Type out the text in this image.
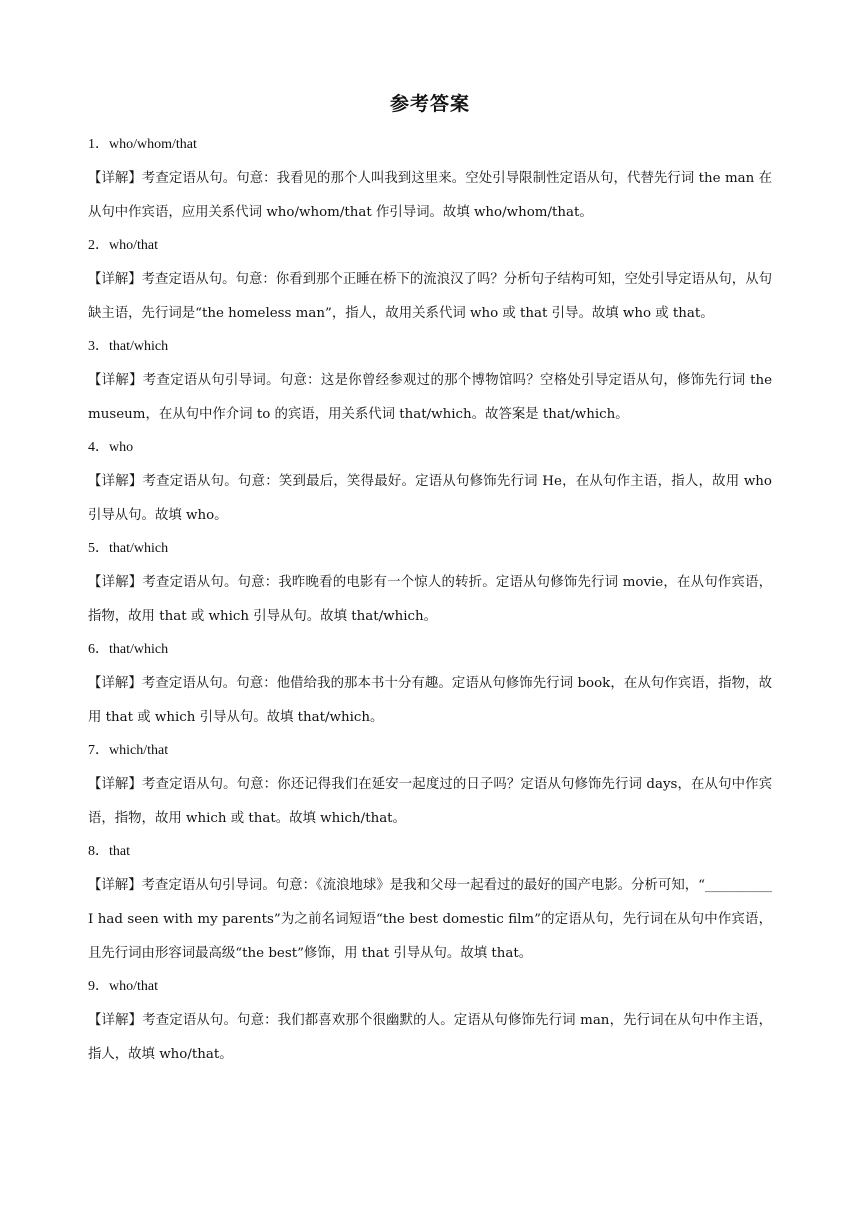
参考答案

1．who/whom/that

【详解】考查定语从句。句意：我看见的那个人叫我到这里来。空处引导限制性定语从句，代替先行词 the man 在从句中作宾语，应用关系代词 who/whom/that 作引导词。故填 who/whom/that。

2．who/that

【详解】考查定语从句。句意：你看到那个正睡在桥下的流浪汉了吗？分析句子结构可知，空处引导定语从句，从句缺主语，先行词是“the homeless man”，指人，故用关系代词 who 或 that 引导。故填 who 或 that。

3．that/which

【详解】考查定语从句引导词。句意：这是你曾经参观过的那个博物馆吗？空格处引导定语从句，修饰先行词 the museum，在从句中作介词 to 的宾语，用关系代词 that/which。故答案是 that/which。

4．who

【详解】考查定语从句。句意：笑到最后，笑得最好。定语从句修饰先行词 He，在从句作主语，指人，故用 who 引导从句。故填 who。

5．that/which

【详解】考查定语从句。句意：我昨晚看的电影有一个惊人的转折。定语从句修饰先行词 movie，在从句作宾语，指物，故用 that 或 which 引导从句。故填 that/which。

6．that/which

【详解】考查定语从句。句意：他借给我的那本书十分有趣。定语从句修饰先行词 book，在从句作宾语，指物，故用 that 或 which 引导从句。故填 that/which。

7．which/that

【详解】考查定语从句。句意：你还记得我们在延安一起度过的日子吗？定语从句修饰先行词 days，在从句中作宾语，指物，故用 which 或 that。故填 which/that。

8．that

【详解】考查定语从句引导词。句意：《流浪地球》是我和父母一起看过的最好的国产电影。分析可知，“__________ I had seen with my parents”为之前名词短语“the best domestic film”的定语从句，先行词在从句中作宾语，且先行词由形容词最高级“the best”修饰，用 that 引导从句。故填 that。

9．who/that

【详解】考查定语从句。句意：我们都喜欢那个很幽默的人。定语从句修饰先行词 man，先行词在从句中作主语，指人，故填 who/that。
